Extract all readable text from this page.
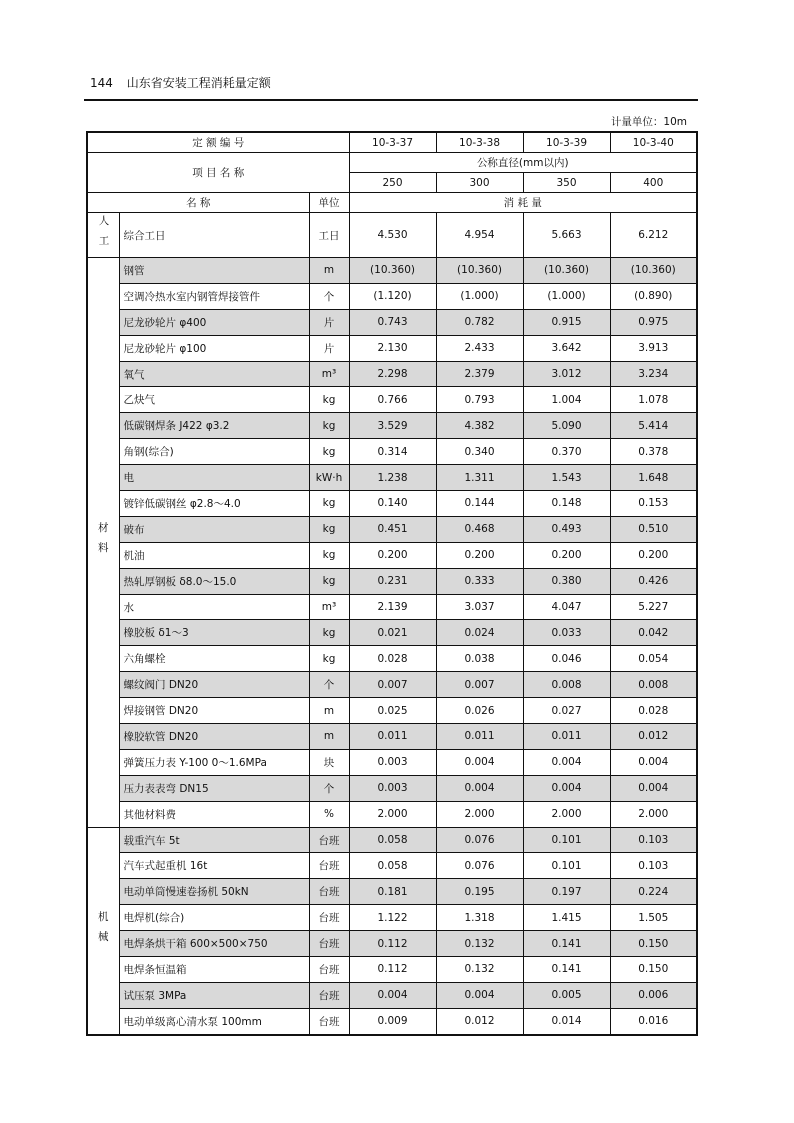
144 山东省安装工程消耗量定额
计量单位：10m
定 额 编 号			10-3-37	10-3-38	10-3-39	10-3-40
项 目 名 称			公称直径(mm以内)			
			250	300	350	400
名 称		单位	消 耗 量			
人工	综合工日	工日	4.530	4.954	5.663	6.212
材料	钢管	m	(10.360)	(10.360)	(10.360)	(10.360)
	空调冷热水室内钢管焊接管件	个	(1.120)	(1.000)	(1.000)	(0.890)
	尼龙砂轮片 φ400	片	0.743	0.782	0.915	0.975
	尼龙砂轮片 φ100	片	2.130	2.433	3.642	3.913
	氧气	m³	2.298	2.379	3.012	3.234
	乙炔气	kg	0.766	0.793	1.004	1.078
	低碳钢焊条 J422 φ3.2	kg	3.529	4.382	5.090	5.414
	角钢(综合)	kg	0.314	0.340	0.370	0.378
	电	kW·h	1.238	1.311	1.543	1.648
	镀锌低碳钢丝 φ2.8～4.0	kg	0.140	0.144	0.148	0.153
	破布	kg	0.451	0.468	0.493	0.510
	机油	kg	0.200	0.200	0.200	0.200
	热轧厚钢板 δ8.0～15.0	kg	0.231	0.333	0.380	0.426
	水	m³	2.139	3.037	4.047	5.227
	橡胶板 δ1～3	kg	0.021	0.024	0.033	0.042
	六角螺栓	kg	0.028	0.038	0.046	0.054
	螺纹阀门 DN20	个	0.007	0.007	0.008	0.008
	焊接钢管 DN20	m	0.025	0.026	0.027	0.028
	橡胶软管 DN20	m	0.011	0.011	0.011	0.012
	弹簧压力表 Y-100 0～1.6MPa	块	0.003	0.004	0.004	0.004
	压力表表弯 DN15	个	0.003	0.004	0.004	0.004
	其他材料费	%	2.000	2.000	2.000	2.000
机械	载重汽车 5t	台班	0.058	0.076	0.101	0.103
	汽车式起重机 16t	台班	0.058	0.076	0.101	0.103
	电动单筒慢速卷扬机 50kN	台班	0.181	0.195	0.197	0.224
	电焊机(综合)	台班	1.122	1.318	1.415	1.505
	电焊条烘干箱 600×500×750	台班	0.112	0.132	0.141	0.150
	电焊条恒温箱	台班	0.112	0.132	0.141	0.150
	试压泵 3MPa	台班	0.004	0.004	0.005	0.006
	电动单级离心清水泵 100mm	台班	0.009	0.012	0.014	0.016
